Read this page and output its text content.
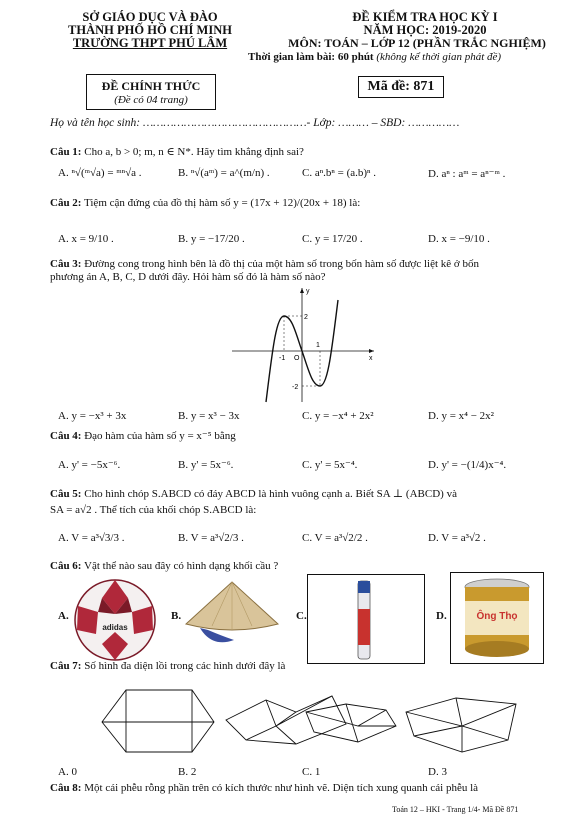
SỞ GIÁO DỤC VÀ ĐÀO
THÀNH PHỐ HỒ CHÍ MINH
TRƯỜNG THPT PHÚ LÂM
ĐỀ KIỂM TRA HỌC KỲ I
NĂM HỌC: 2019-2020
MÔN: TOÁN – LỚP 12 (PHẦN TRẮC NGHIỆM)
Thời gian làm bài: 60 phút (không kể thời gian phát đề)
ĐỀ CHÍNH THỨC
(Đề có 04 trang)
Mã đề: 871
Họ và tên học sinh: …………………………………………- Lớp: ……… – SBD: ……………
Câu 1: Cho a, b > 0; m, n ∈ N*. Hãy tìm khẳng định sai?
A. ⁿ√(ᵐ√a) = ᵐⁿ√a .	B. ⁿ√(aᵐ) = a^(m/n) .	C. aⁿ.bⁿ = (a.b)ⁿ .	D. aⁿ : aᵐ = aⁿ⁻ᵐ .
Câu 2: Tiệm cận đứng của đồ thị hàm số y = (17x + 12)/(20x + 18) là:
A. x = 9/10 .	B. y = −17/20 .	C. y = 17/20 .	D. x = −9/10 .
Câu 3: Đường cong trong hình bên là đồ thị của một hàm số trong bốn hàm số được liệt kê ở bốn
phương án A, B, C, D dưới đây. Hỏi hàm số đó là hàm số nào?
y
x
2
-2
-1
1
O
A. y = −x³ + 3x	B. y = x³ − 3x	C. y = −x⁴ + 2x²	D. y = x⁴ − 2x²
Câu 4: Đạo hàm của hàm số y = x⁻⁵ bằng
A. y' = −5x⁻⁶.	B. y' = 5x⁻⁶.	C. y' = 5x⁻⁴.	D. y' = −(1/4)x⁻⁴.
Câu 5: Cho hình chóp S.ABCD có đáy ABCD là hình vuông cạnh a. Biết SA ⊥ (ABCD) và
SA = a√2 . Thể tích của khối chóp S.ABCD là:
A. V = a³√3/3 .	B. V = a³√2/3 .	C. V = a³√2/2 .	D. V = a³√2 .
Câu 6: Vật thể nào sau đây có hình dạng khối cầu ?
A.
adidas
B.	C.	D.	Ông Thọ
Câu 7: Số hình đa diện lồi trong các hình dưới đây là
A. 0	B. 2	C. 1	D. 3
Câu 8: Một cái phễu rỗng phần trên có kích thước như hình vẽ. Diện tích xung quanh cái phễu là
Toán 12 – HKI - Trang 1/4- Mã Đề 871
